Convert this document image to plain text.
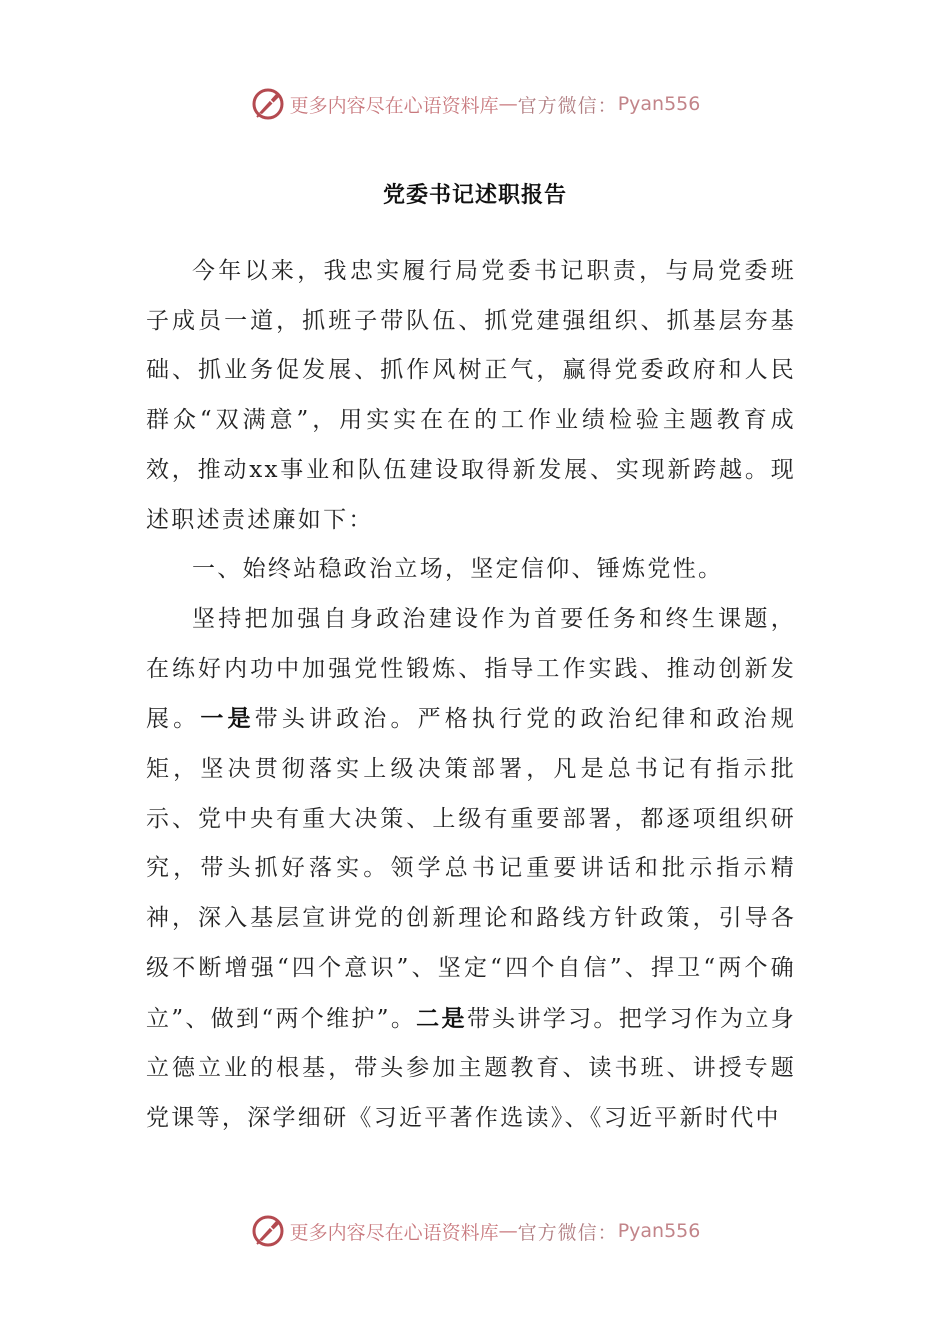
更多内容尽在心语资料库 — 官方微信： Pyan556
党委书记述职报告

今年以来，我忠实履行局党委书记职责，与局党委班子成员一道，抓班子带队伍、抓党建强组织、抓基层夯基础、抓业务促发展、抓作风树正气，赢得党委政府和人民群众“双满意”，用实实在在的工作业绩检验主题教育成效，推动xx事业和队伍建设取得新发展、实现新跨越。现述职述责述廉如下：

一、始终站稳政治立场，坚定信仰、锤炼党性。

坚持把加强自身政治建设作为首要任务和终生课题，在练好内功中加强党性锻炼、指导工作实践、推动创新发展。一是带头讲政治。严格执行党的政治纪律和政治规矩，坚决贯彻落实上级决策部署，凡是总书记有指示批示、党中央有重大决策、上级有重要部署，都逐项组织研究，带头抓好落实。领学总书记重要讲话和批示指示精神，深入基层宣讲党的创新理论和路线方针政策，引导各级不断增强“四个意识”、坚定“四个自信”、捍卫“两个确立”、做到“两个维护”。二是带头讲学习。把学习作为立身立德立业的根基，带头参加主题教育、读书班、讲授专题党课等，深学细研《习近平著作选读》、《习近平新时代中

更多内容尽在心语资料库 — 官方微信： Pyan556
